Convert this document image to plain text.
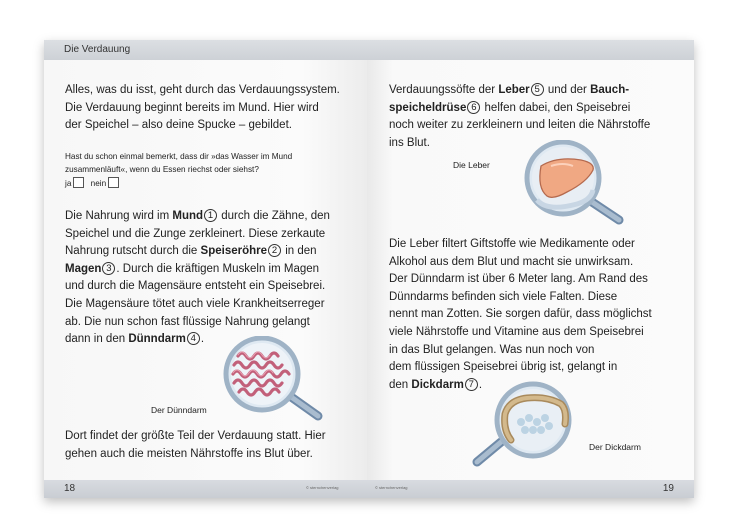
Die Verdauung
Alles, was du isst, geht durch das Verdauungssystem.
Die Verdauung beginnt bereits im Mund. Hier wird
der Speichel – also deine Spucke – gebildet.
Hast du schon einmal bemerkt, dass dir »das Wasser im Mund
zusammenläuft«, wenn du Essen riechst oder siehst?
ja nein
Die Nahrung wird im Mund 1 durch die Zähne, den
Speichel und die Zunge zerkleinert. Diese zerkaute
Nahrung rutscht durch die Speiseröhre 2 in den
Magen 3 . Durch die kräftigen Muskeln im Magen
und durch die Magensäure entsteht ein Speisebrei.
Die Magensäure tötet auch viele Krankheitserreger
ab. Die nun schon fast flüssige Nahrung gelangt
dann in den Dünndarm 4 .
Der Dünndarm
Dort findet der größte Teil der Verdauung statt. Hier
gehen auch die meisten Nährstoffe ins Blut über.
18	© sternchenverlag
Verdauungssöfte der Leber 5 und der Bauch-
speicheldrüse 6 helfen dabei, den Speisebrei
noch weiter zu zerkleinern und leiten die Nährstoffe
ins Blut.
Die Leber
Die Leber filtert Giftstoffe wie Medikamente oder
Alkohol aus dem Blut und macht sie unwirksam.
Der Dünndarm ist über 6 Meter lang. Am Rand des
Dünndarms befinden sich viele Falten. Diese
nennt man Zotten. Sie sorgen dafür, dass möglichst
viele Nährstoffe und Vitamine aus dem Speisebrei
in das Blut gelangen. Was nun noch von
dem flüssigen Speisebrei übrig ist, gelangt in
den Dickdarm 7 .
Der Dickdarm
© sternchenverlag	19
